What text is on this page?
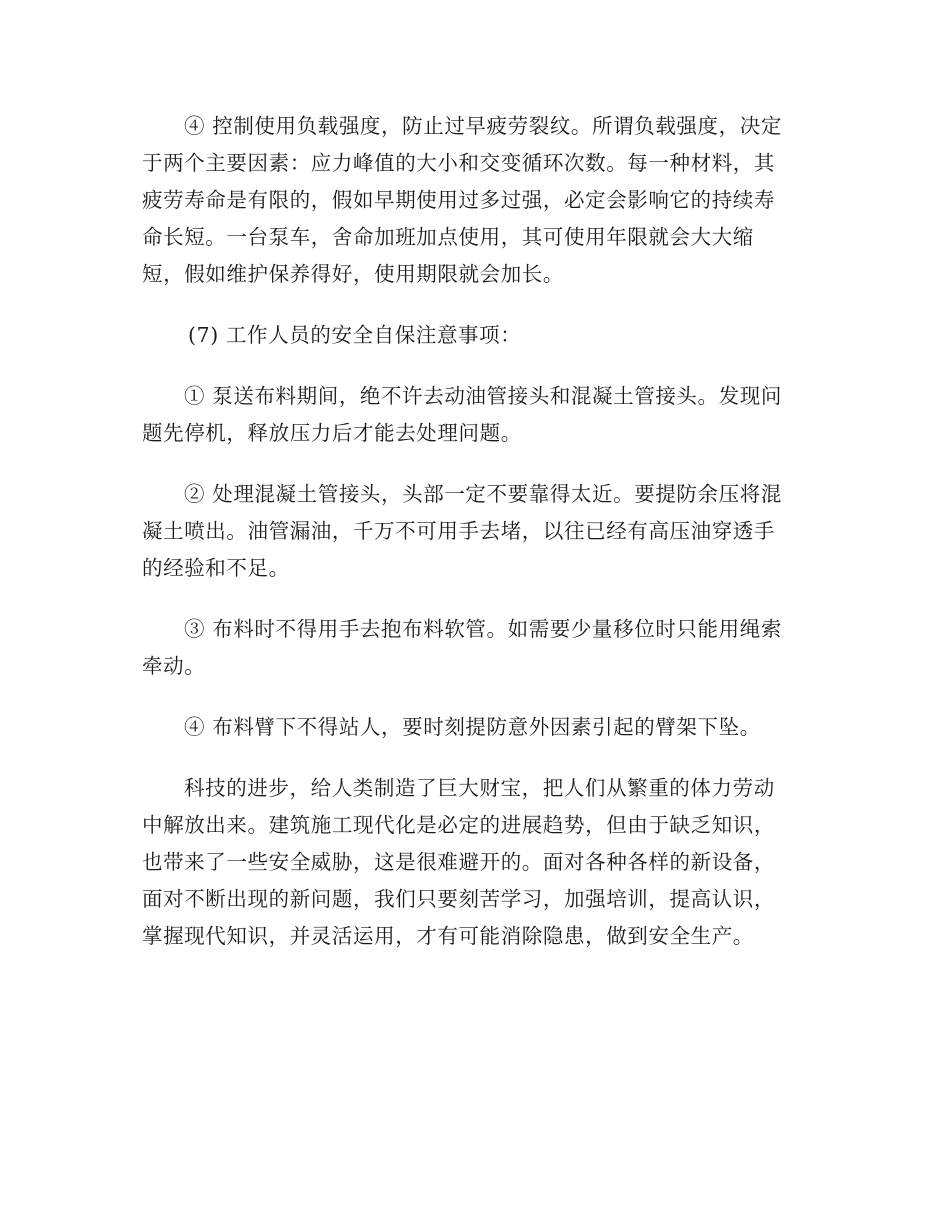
④ 控制使用负载强度，防止过早疲劳裂纹。所谓负载强度，决定
于两个主要因素：应力峰值的大小和交变循环次数。每一种材料，其
疲劳寿命是有限的，假如早期使用过多过强，必定会影响它的持续寿
命长短。一台泵车，舍命加班加点使用，其可使用年限就会大大缩
短，假如维护保养得好，使用期限就会加长。

(7) 工作人员的安全自保注意事项：

① 泵送布料期间，绝不许去动油管接头和混凝土管接头。发现问
题先停机，释放压力后才能去处理问题。

② 处理混凝土管接头，头部一定不要靠得太近。要提防余压将混
凝土喷出。油管漏油，千万不可用手去堵，以往已经有高压油穿透手
的经验和不足。

③ 布料时不得用手去抱布料软管。如需要少量移位时只能用绳索
牵动。

④ 布料臂下不得站人，要时刻提防意外因素引起的臂架下坠。

科技的进步，给人类制造了巨大财宝，把人们从繁重的体力劳动
中解放出来。建筑施工现代化是必定的进展趋势，但由于缺乏知识，
也带来了一些安全威胁，这是很难避开的。面对各种各样的新设备，
面对不断出现的新问题，我们只要刻苦学习，加强培训，提高认识，
掌握现代知识，并灵活运用，才有可能消除隐患，做到安全生产。
